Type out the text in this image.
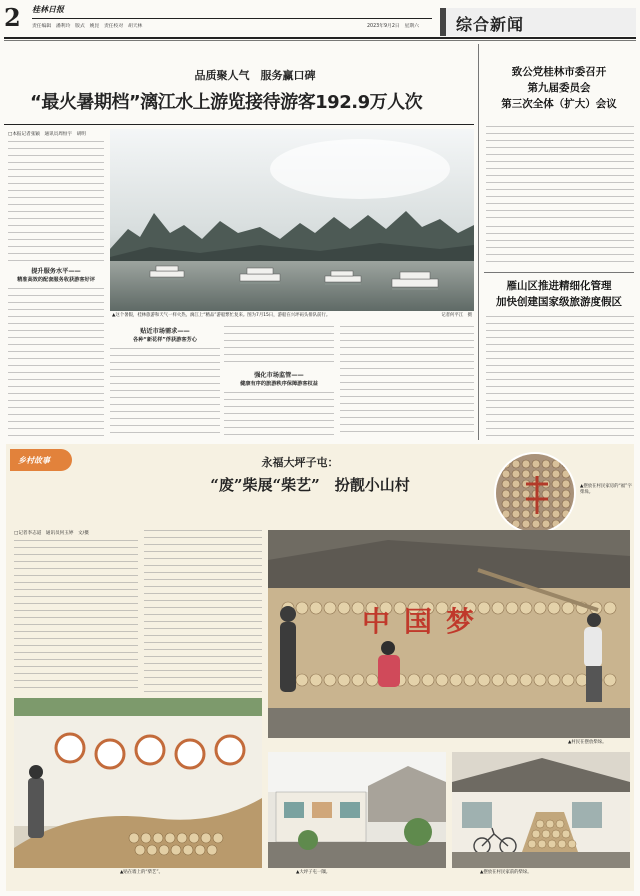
2 桂林日报
责任编辑　潘利玲　版式　姚昆　责任校对　胡天林	2023年9月2日　星期六	综合新闻
品质聚人气　服务赢口碑
“最火暑期档”漓江水上游览接待游客192.9万人次
□本报记者张颖　通讯员周恒宇　胡明
提升服务水平——
精准高效的配套服务收获游客好评
▲这个暑假，桂林旅游和天气一样火热。漓江上“精品”游船繁忙复来。图为7月15日，游船在兴坪码头排队前行。	记者何平江　摄
贴近市场需求——
各种“新花样”俘获游客芳心
强化市场监管——
健康有序的旅游秩序保障游客权益
致公党桂林市委召开
第九届委员会
第三次全体（扩大）会议
雁山区推进精细化管理
加快创建国家级旅游度假区
乡村故事	永福大坪子屯：
“废”柴展“柴艺”　扮靓小山村	▲摆放在村民家房的“福”字柴垛。
□记者李志道　通讯员何玉婷　文/摄
中国梦
▲村民在摆放柴垛。
▲贴在墙上的“柴艺”。	▲大坪子屯一隅。	▲摆放在村民家前的柴垛。
